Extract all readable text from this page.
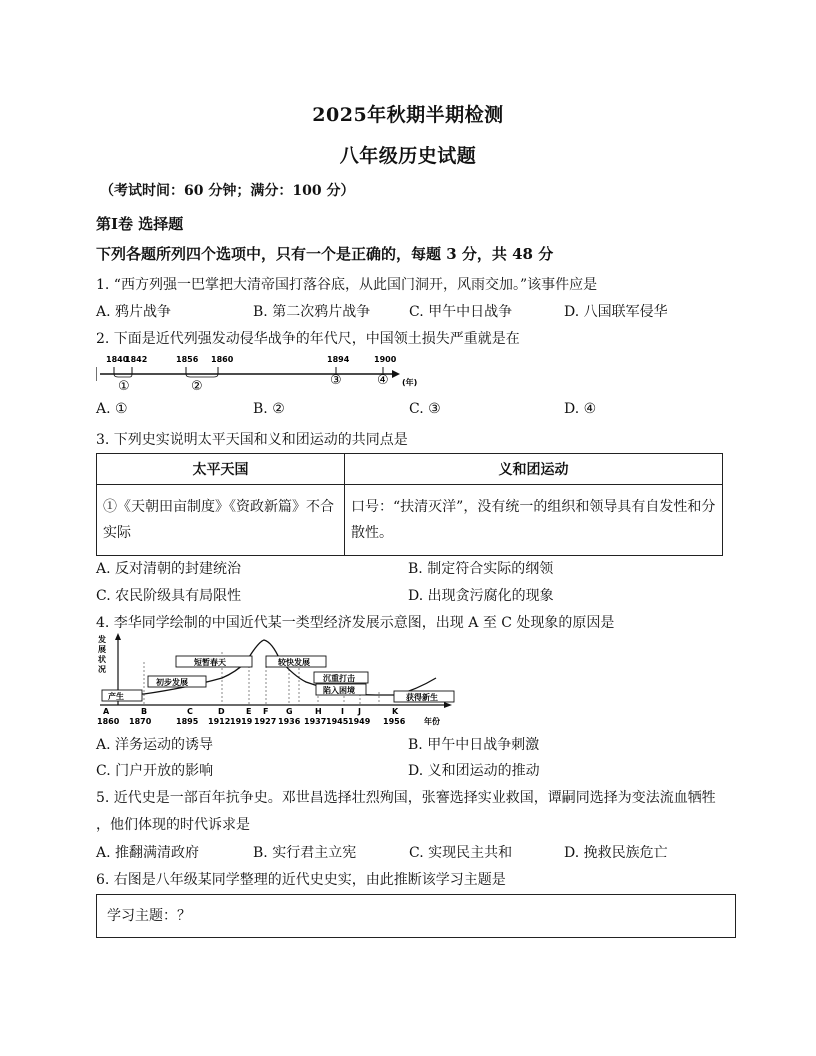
2025年秋期半期检测
八年级历史试题
（考试时间：60 分钟；满分：100 分）
第Ⅰ卷 选择题
下列各题所列四个选项中，只有一个是正确的，每题 3 分，共 48 分
1. “西方列强一巴掌把大清帝国打落谷底，从此国门洞开，风雨交加。”该事件应是
A. 鸦片战争	B. 第二次鸦片战争	C. 甲午中日战争	D. 八国联军侵华
2. 下面是近代列强发动侵华战争的年代尺，中国领土损失严重就是在
1840
1842	1856 1860	1894	1900
①	②	③	④ (年)
A. ①	B. ②	C. ③	D. ④
3. 下列史实说明太平天国和义和团运动的共同点是
太平天国	义和团运动
①《天朝田亩制度》《资政新篇》不合实际	口号：“扶清灭洋”，没有统一的组织和领导具有自发性和分散性。
A. 反对清朝的封建统治	B. 制定符合实际的纲领
C. 农民阶级具有局限性	D. 出现贪污腐化的现象
4. 李华同学绘制的中国近代某一类型经济发展示意图，出现 A 至 C 处现象的原因是
发
展
状
况
产生
初步发展
短暂春天	较快发展
沉重打击
陷入困境
获得新生
A	B	C	D	E F G	H I J	K
1860 1870	1895 1912 1919 1927 1936 1937 1945 1949 1956 年份
A. 洋务运动的诱导	B. 甲午中日战争刺激
C. 门户开放的影响	D. 义和团运动的推动
5. 近代史是一部百年抗争史。邓世昌选择壮烈殉国，张謇选择实业救国，谭嗣同选择为变法流血牺牲
，他们体现的时代诉求是
A. 推翻满清政府	B. 实行君主立宪	C. 实现民主共和	D. 挽救民族危亡
6. 右图是八年级某同学整理的近代史史实，由此推断该学习主题是
学习主题：？
